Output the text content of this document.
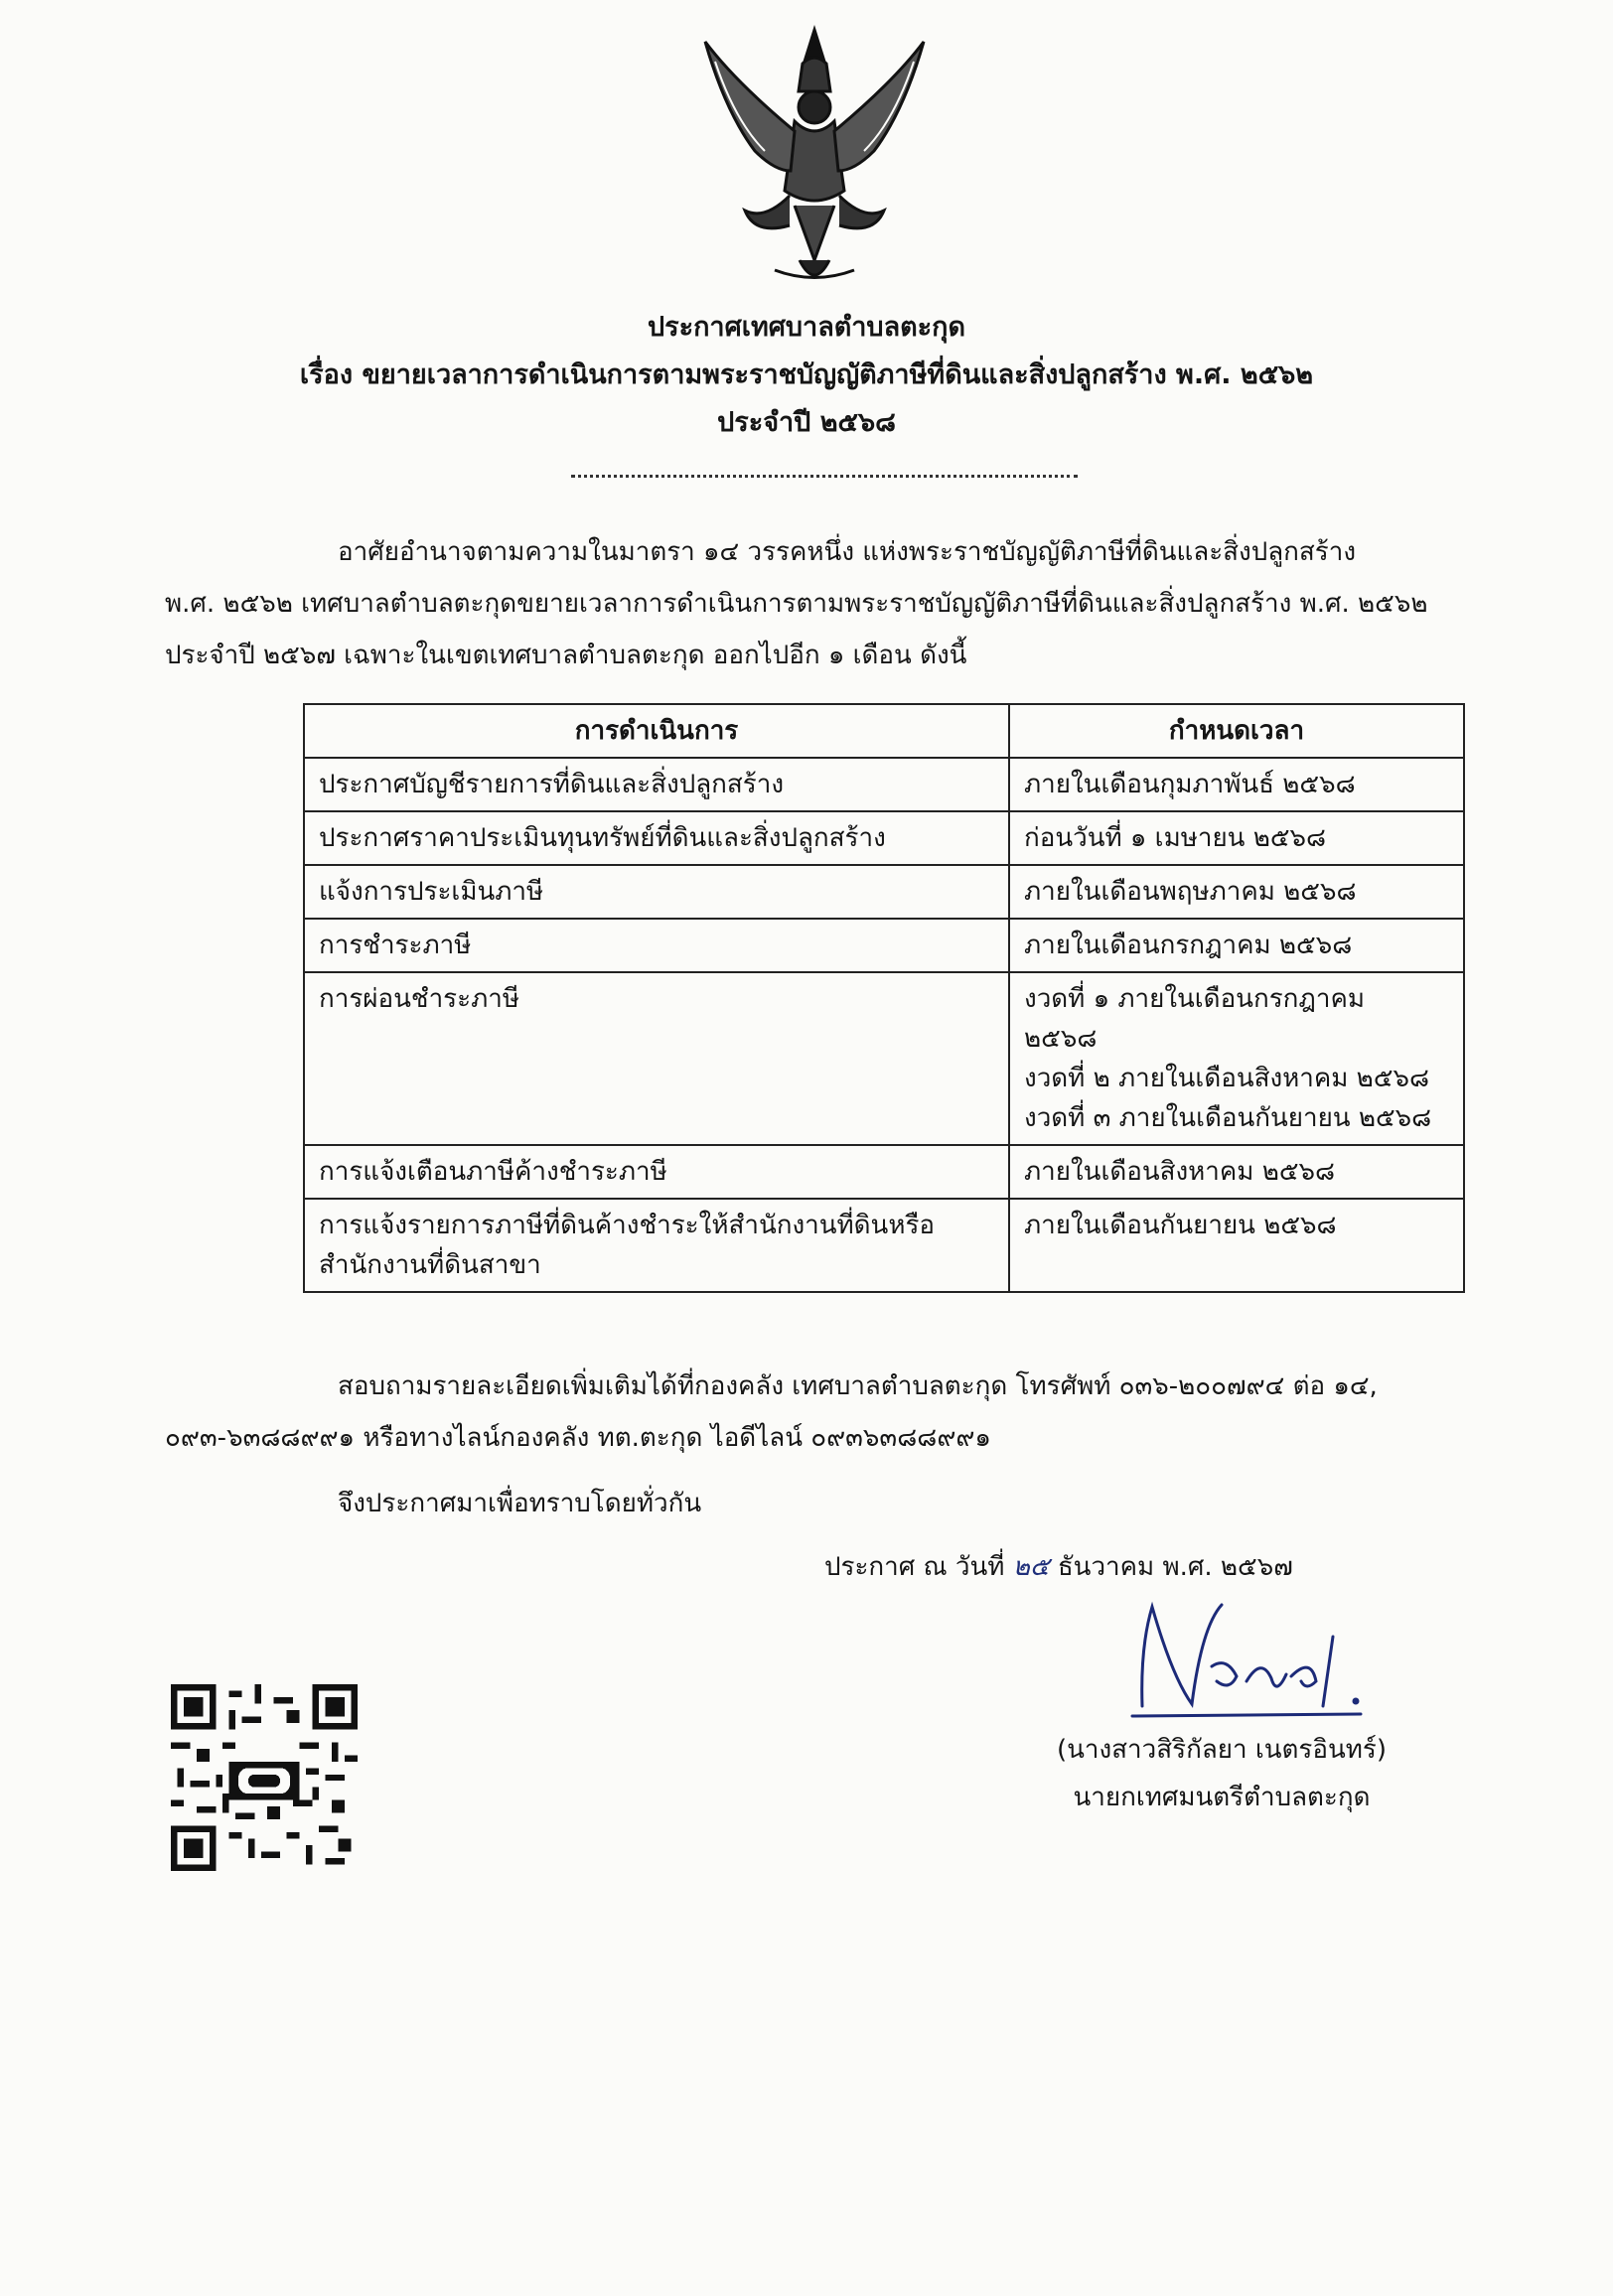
ประกาศเทศบาลตำบลตะกุด
เรื่อง ขยายเวลาการดำเนินการตามพระราชบัญญัติภาษีที่ดินและสิ่งปลูกสร้าง พ.ศ. ๒๕๖๒
ประจำปี ๒๕๖๘
อาศัยอำนาจตามความในมาตรา ๑๔ วรรคหนึ่ง แห่งพระราชบัญญัติภาษีที่ดินและสิ่งปลูกสร้าง
พ.ศ. ๒๕๖๒ เทศบาลตำบลตะกุดขยายเวลาการดำเนินการตามพระราชบัญญัติภาษีที่ดินและสิ่งปลูกสร้าง พ.ศ. ๒๕๖๒
ประจำปี ๒๕๖๗ เฉพาะในเขตเทศบาลตำบลตะกุด ออกไปอีก ๑ เดือน ดังนี้
การดำเนินการ	กำหนดเวลา

ประกาศบัญชีรายการที่ดินและสิ่งปลูกสร้าง	ภายในเดือนกุมภาพันธ์ ๒๕๖๘

ประกาศราคาประเมินทุนทรัพย์ที่ดินและสิ่งปลูกสร้าง	ก่อนวันที่ ๑ เมษายน ๒๕๖๘

แจ้งการประเมินภาษี	ภายในเดือนพฤษภาคม ๒๕๖๘

การชำระภาษี	ภายในเดือนกรกฎาคม ๒๕๖๘

การผ่อนชำระภาษี	งวดที่ ๑ ภายในเดือนกรกฎาคม
๒๕๖๘
งวดที่ ๒ ภายในเดือนสิงหาคม ๒๕๖๘
งวดที่ ๓ ภายในเดือนกันยายน ๒๕๖๘

การแจ้งเตือนภาษีค้างชำระภาษี	ภายในเดือนสิงหาคม ๒๕๖๘

การแจ้งรายการภาษีที่ดินค้างชำระให้สำนักงานที่ดินหรือ
สำนักงานที่ดินสาขา	ภายในเดือนกันยายน ๒๕๖๘
สอบถามรายละเอียดเพิ่มเติมได้ที่กองคลัง เทศบาลตำบลตะกุด โทรศัพท์ ๐๓๖-๒๐๐๗๙๔ ต่อ ๑๔,
๐๙๓-๖๓๘๘๙๙๑ หรือทางไลน์กองคลัง ทต.ตะกุด ไอดีไลน์ ๐๙๓๖๓๘๘๙๙๑
จึงประกาศมาเพื่อทราบโดยทั่วกัน
ประกาศ ณ วันที่ ๒๕ ธันวาคม พ.ศ. ๒๕๖๗
(นางสาวสิริกัลยา เนตรอินทร์)
นายกเทศมนตรีตำบลตะกุด
